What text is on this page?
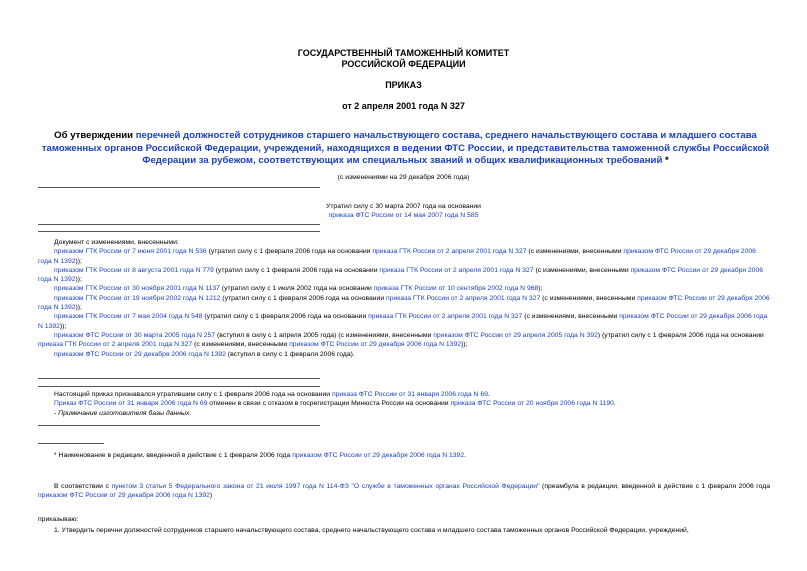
ГОСУДАРСТВЕННЫЙ ТАМОЖЕННЫЙ КОМИТЕТ
РОССИЙСКОЙ ФЕДЕРАЦИИ
ПРИКАЗ
от 2 апреля 2001 года N 327
Об утверждении перечней должностей сотрудников старшего начальствующего состава, среднего начальствующего состава и младшего состава таможенных органов Российской Федерации, учреждений, находящихся в ведении ФТС России, и представительства таможенной службы Российской Федерации за рубежом, соответствующих им специальных званий и общих квалификационных требований *
(с изменениями на 29 декабря 2006 года)
Утратил силу с 30 марта 2007 года на основании
приказа ФТС России от 14 мая 2007 года N 585

Документ с изменениями, внесенными:

приказом ГТК России от 7 июня 2001 года N 536 (утратил силу с 1 февраля 2006 года на основании приказа ГТК России от 2 апреля 2001 года N 327 (с изменениями, внесенными приказом ФТС России от 29 декабря 2006 года N 1392));

приказом ГТК России от 8 августа 2001 года N 779 (утратил силу с 1 февраля 2006 года на основании приказа ГТК России от 2 апреля 2001 года N 327 (с изменениями, внесенными приказом ФТС России от 29 декабря 2006 года N 1392));

приказом ГТК России от 30 ноября 2001 года N 1137 (утратил силу с 1 июля 2002 года на основании приказа ГТК России от 10 сентября 2002 года N 968);

приказом ГТК России от 19 ноября 2002 года N 1212 (утратил силу с 1 февраля 2006 года на основании приказа ГТК России от 2 апреля 2001 года N 327 (с изменениями, внесенными приказом ФТС России от 29 декабря 2006 года N 1392));

приказом ГТК России от 7 мая 2004 года N 548 (утратил силу с 1 февраля 2006 года на основании приказа ГТК России от 2 апреля 2001 года N 327 (с изменениями, внесенными приказом ФТС России от 29 декабря 2006 года N 1392));

приказом ФТС России от 30 марта 2005 года N 257 (вступил в силу с 1 апреля 2005 года) (с изменениями, внесенными приказом ФТС России от 29 апреля 2005 года N 392) (утратил силу с 1 февраля 2006 года на основании приказа ГТК России от 2 апреля 2001 года N 327 (с изменениями, внесенными приказом ФТС России от 29 декабря 2006 года N 1392));

приказом ФТС России от 29 декабря 2006 года N 1392 (вступил в силу с 1 февраля 2006 года).

Настоящий приказ признавался утратившим силу с 1 февраля 2006 года на основании приказа ФТС России от 31 января 2006 года N 69.

Приказ ФТС России от 31 января 2006 года N 69 отменен в связи с отказом в госрегистрации Минюста России на основании приказа ФТС России от 20 ноября 2006 года N 1190.

- Примечание изготовителя базы данных.

* Наименование в редакции, введенной в действие с 1 февраля 2006 года приказом ФТС России от 29 декабря 2006 года N 1392.

В соответствии с пунктом 3 статьи 5 Федерального закона от 21 июля 1997 года N 114-ФЗ "О службе в таможенных органах Российской Федерации" (преамбула в редакции, введенной в действие с 1 февраля 2006 года приказом ФТС России от 29 декабря 2006 года N 1392)

приказываю:

1. Утвердить перечни должностей сотрудников старшего начальствующего состава, среднего начальствующего состава и младшего состава таможенных органов Российской Федерации, учреждений,
